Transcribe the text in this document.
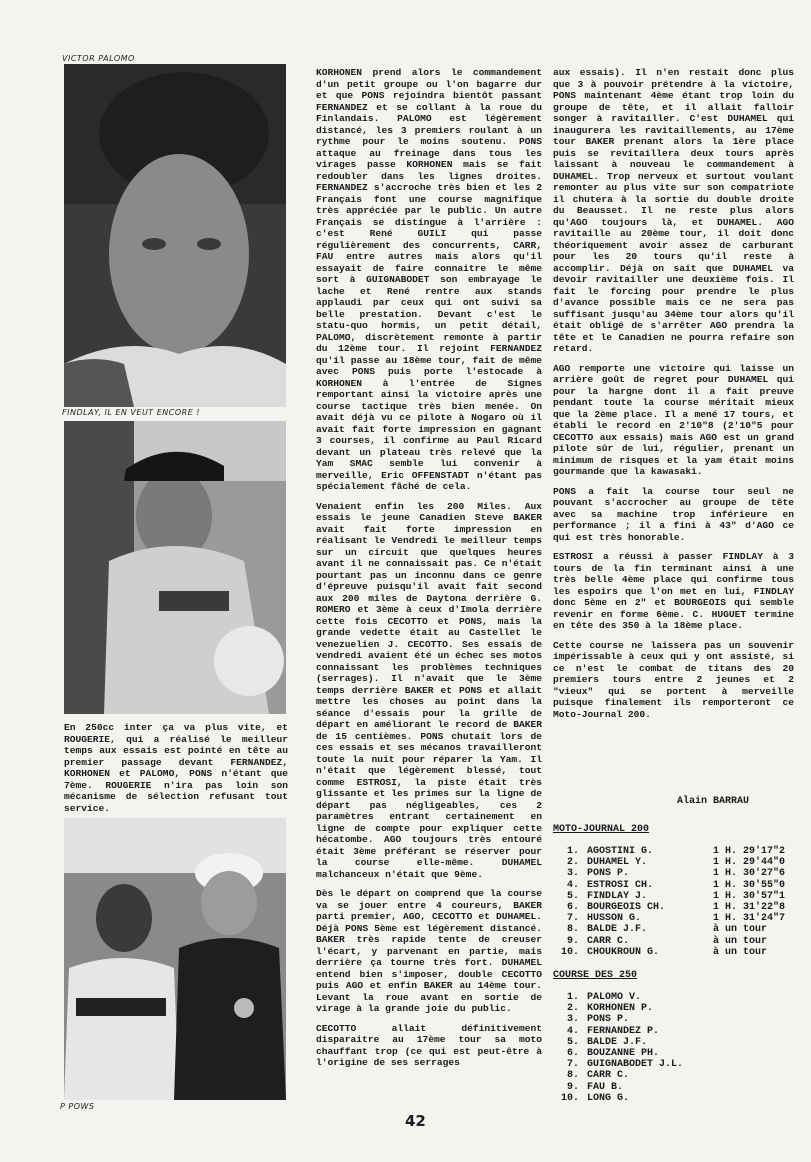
VICTOR PALOMO
FINDLAY, IL EN VEUT ENCORE !
P POWS
En 250cc inter ça va plus vite, et ROUGERIE, qui a réalisé le meilleur temps aux essais est pointé en tête au premier passage devant FERNANDEZ, KORHONEN et PALOMO, PONS n'étant que 7ème. ROUGERIE n'ira pas loin son mécanisme de sélection refusant tout service.

KORHONEN prend alors le commandement d'un petit groupe ou l'on bagarre dur et que PONS rejoindra bientôt passant FERNANDEZ et se collant à la roue du Finlandais. PALOMO est légèrement distancé, les 3 premiers roulant à un rythme pour le moins soutenu. PONS attaque au freinage dans tous les virages passe KORHONEN mais se fait redoubler dans les lignes droites. FERNANDEZ s'accroche très bien et les 2 Français font une course magnifique très appréciée par le public. Un autre Français se distingue à l'arrière : c'est René GUILI qui passe régulièrement des concurrents, CARR, FAU entre autres mais alors qu'il essayait de faire connaitre le même sort à GUIGNABODET son embrayage le lache et René rentre aux stands applaudi par ceux qui ont suivi sa belle prestation. Devant c'est le statu-quo hormis, un petit détail, PALOMO, discrètement remonte à partir du 12ème tour. Il rejoint FERNANDEZ qu'il passe au 18ème tour, fait de même avec PONS puis porte l'estocade à KORHONEN à l'entrée de Signes remportant ainsi la victoire après une course tactique très bien menée. On avait déjà vu ce pilote à Nogaro où il avait fait forte impression en gagnant 3 courses, il confirme au Paul Ricard devant un plateau très relevé que la Yam SMAC semble lui convenir à merveille, Eric OFFENSTADT n'étant pas spécialement fâché de cela.

Venaient enfin les 200 Miles. Aux essais le jeune Canadien Steve BAKER avait fait forte impression en réalisant le Vendredi le meilleur temps sur un circuit que quelques heures avant il ne connaissait pas. Ce n'était pourtant pas un inconnu dans ce genre d'épreuve puisqu'il avait fait second aux 200 miles de Daytona derrière G. ROMERO et 3ème à ceux d'Imola derrière cette fois CECOTTO et PONS, mais la grande vedette était au Castellet le venezuelien J. CECOTTO. Ses essais de vendredi avaient été un échec ses motos connaissant les problèmes techniques (serrages). Il n'avait que le 3ème temps derrière BAKER et PONS et allait mettre les choses au point dans la séance d'essais pour la grille de départ en améliorant le record de BAKER de 15 centièmes. PONS chutait lors de ces essais et ses mécanos travailleront toute la nuit pour réparer la Yam. Il n'était que légèrement blessé, tout comme ESTROSI, la piste était très glissante et les primes sur la ligne de départ pas négligeables, ces 2 paramètres entrant certainement en ligne de compte pour expliquer cette hécatombe. AGO toujours très entouré était 3ème préférant se réserver pour la course elle-même. DUHAMEL malchanceux n'était que 9ème.

Dès le départ on comprend que la course va se jouer entre 4 coureurs, BAKER parti premier, AGO, CECOTTO et DUHAMEL. Déjà PONS 5ème est légèrement distancé. BAKER très rapide tente de creuser l'écart, y parvenant en partie, mais derrière ça tourne très fort. DUHAMEL entend bien s'imposer, double CECOTTO puis AGO et enfin BAKER au 14ème tour. Levant la roue avant en sortie de virage à la grande joie du public.

CECOTTO allait définitivement disparaitre au 17ème tour sa moto chauffant trop (ce qui est peut-être à l'origine de ses serrages

aux essais). Il n'en restait donc plus que 3 à pouvoir prétendre à la victoire, PONS maintenant 4ème étant trop loin du groupe de tête, et il allait falloir songer à ravitailler. C'est DUHAMEL qui inaugurera les ravitaillements, au 17ème tour BAKER prenant alors la 1ère place puis se revitaillera deux tours après laissant à nouveau le commandement à DUHAMEL. Trop nerveux et surtout voulant remonter au plus vite sur son compatriote il chutera à la sortie du double droite du Beausset. Il ne reste plus alors qu'AGO toujours là, et DUHAMEL. AGO ravitaille au 20ème tour, il doit donc théoriquement avoir assez de carburant pour les 20 tours qu'il reste à accomplir. Déjà on sait que DUHAMEL va devoir ravitailler une deuxième fois. Il fait le forcing pour prendre le plus d'avance possible mais ce ne sera pas suffisant jusqu'au 34ème tour alors qu'il était obligé de s'arrêter AGO prendra la tête et le Canadien ne pourra refaire son retard.

AGO remporte une victoire qui laisse un arrière goût de regret pour DUHAMEL qui pour la hargne dont il a fait preuve pendant toute la course méritait mieux que la 2ème place. Il a mené 17 tours, et établi le record en 2'10"8 (2'10"5 pour CECOTTO aux essais) mais AGO est un grand pilote sûr de lui, régulier, prenant un minimum de risques et la yam était moins gourmande que la kawasaki.

PONS a fait la course tour seul ne pouvant s'accrocher au groupe de tête avec sa machine trop inférieure en performance ; il a fini à 43" d'AGO ce qui est très honorable.

ESTROSI a réussi à passer FINDLAY à 3 tours de la fin terminant ainsi à une très belle 4ème place qui confirme tous les espoirs que l'on met en lui, FINDLAY donc 5ème en 2" et BOURGEOIS qui semble revenir en forme 6ème. C. HUGUET termine en tête des 350 à la 18ème place.

Cette course ne laissera pas un souvenir impérissable à ceux qui y ont assisté, si ce n'est le combat de titans des 20 premiers tours entre 2 jeunes et 2 "vieux" qui se portent à merveille puisque finalement ils remporteront ce Moto-Journal 200.

Alain BARRAU
MOTO-JOURNAL 200
1.	AGOSTINI G.	1 H. 29'17"2
2.	DUHAMEL Y.	1 H. 29'44"0
3.	PONS P.	1 H. 30'27"6
4.	ESTROSI CH.	1 H. 30'55"0
5.	FINDLAY J.	1 H. 30'57"1
6.	BOURGEOIS CH.	1 H. 31'22"8
7.	HUSSON G.	1 H. 31'24"7
8.	BALDE J.F.	à un tour
9.	CARR C.	à un tour
10.	CHOUKROUN G.	à un tour
COURSE DES 250
1.	PALOMO V.
2.	KORHONEN P.
3.	PONS P.
4.	FERNANDEZ P.
5.	BALDE J.F.
6.	BOUZANNE PH.
7.	GUIGNABODET J.L.
8.	CARR C.
9.	FAU B.
10.	LONG G.
42
